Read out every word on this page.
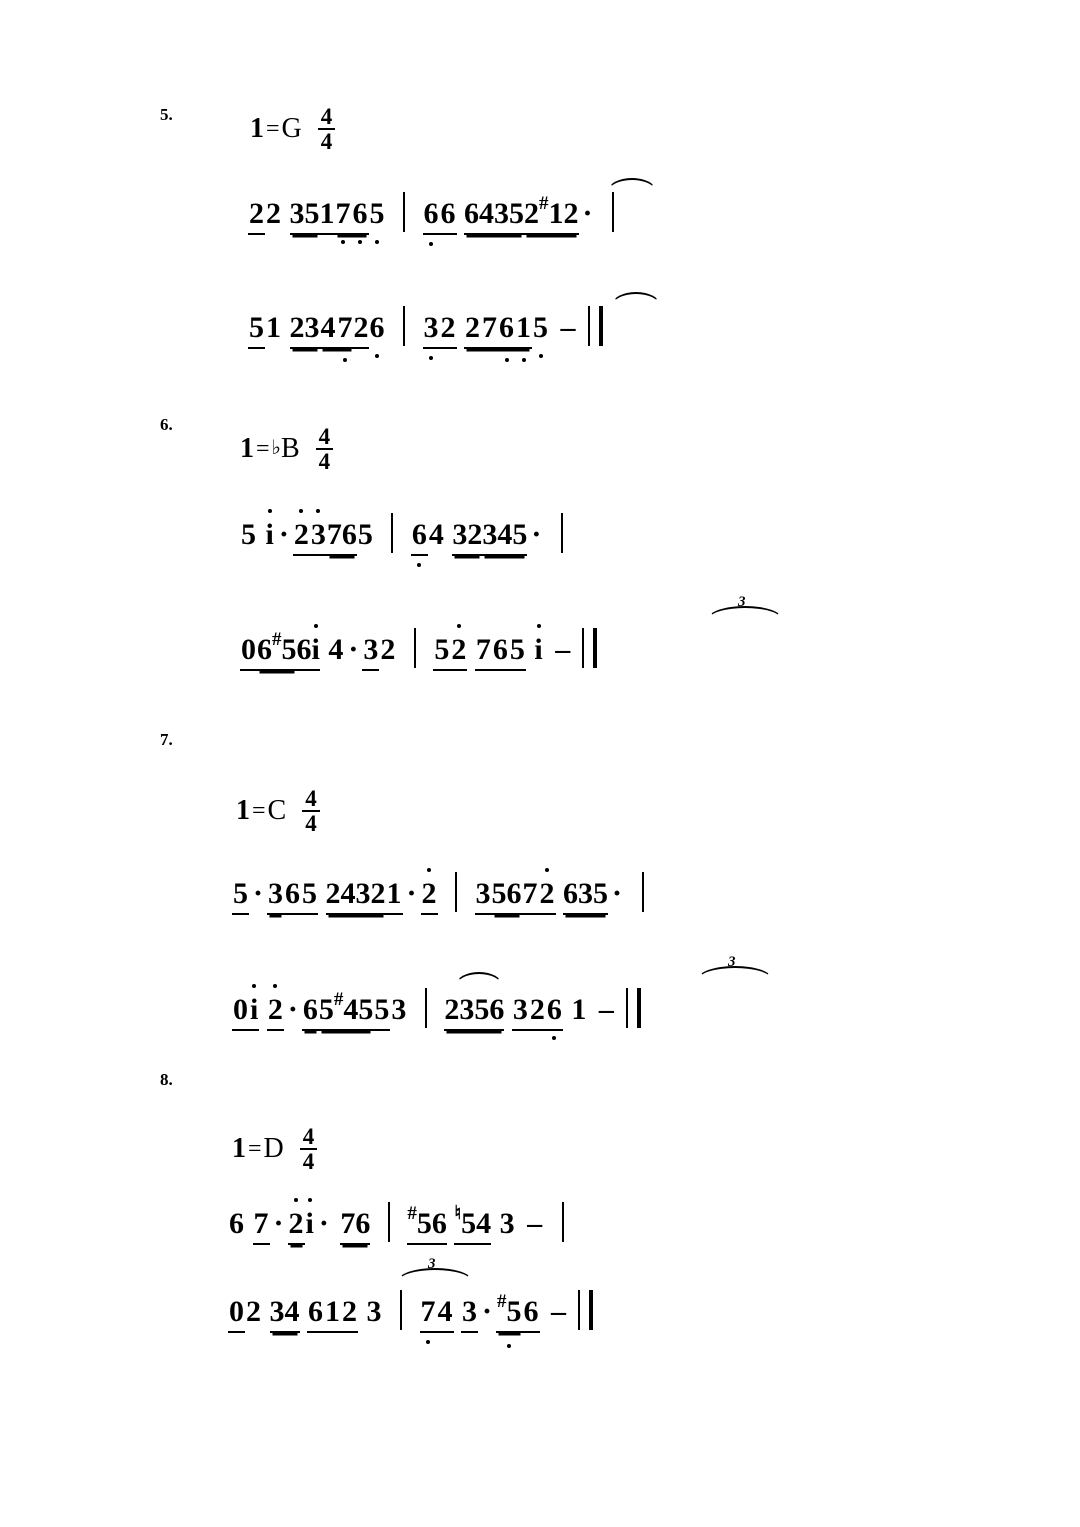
5.	1 = G $\frac{4}{4}$
22 351765 66 64352#12 ·
51 234726 32 27615 –
6.
1 = ♭ B $\frac{4}{4}$
5 i · 23765 64 32345 ·
06#56i 4 · 32 52 765 i –
3
7.
1 = C $\frac{4}{4}$
5 · 365 24321 · 2 35672 635 ·
0i 2 · 65#4553 2356 326 1 –
3
8.
1 = D $\frac{4}{4}$
6 7 · 2i · 76 #56 ♮54 3 –
02 34 612 3 74 3 · #56 –
3
